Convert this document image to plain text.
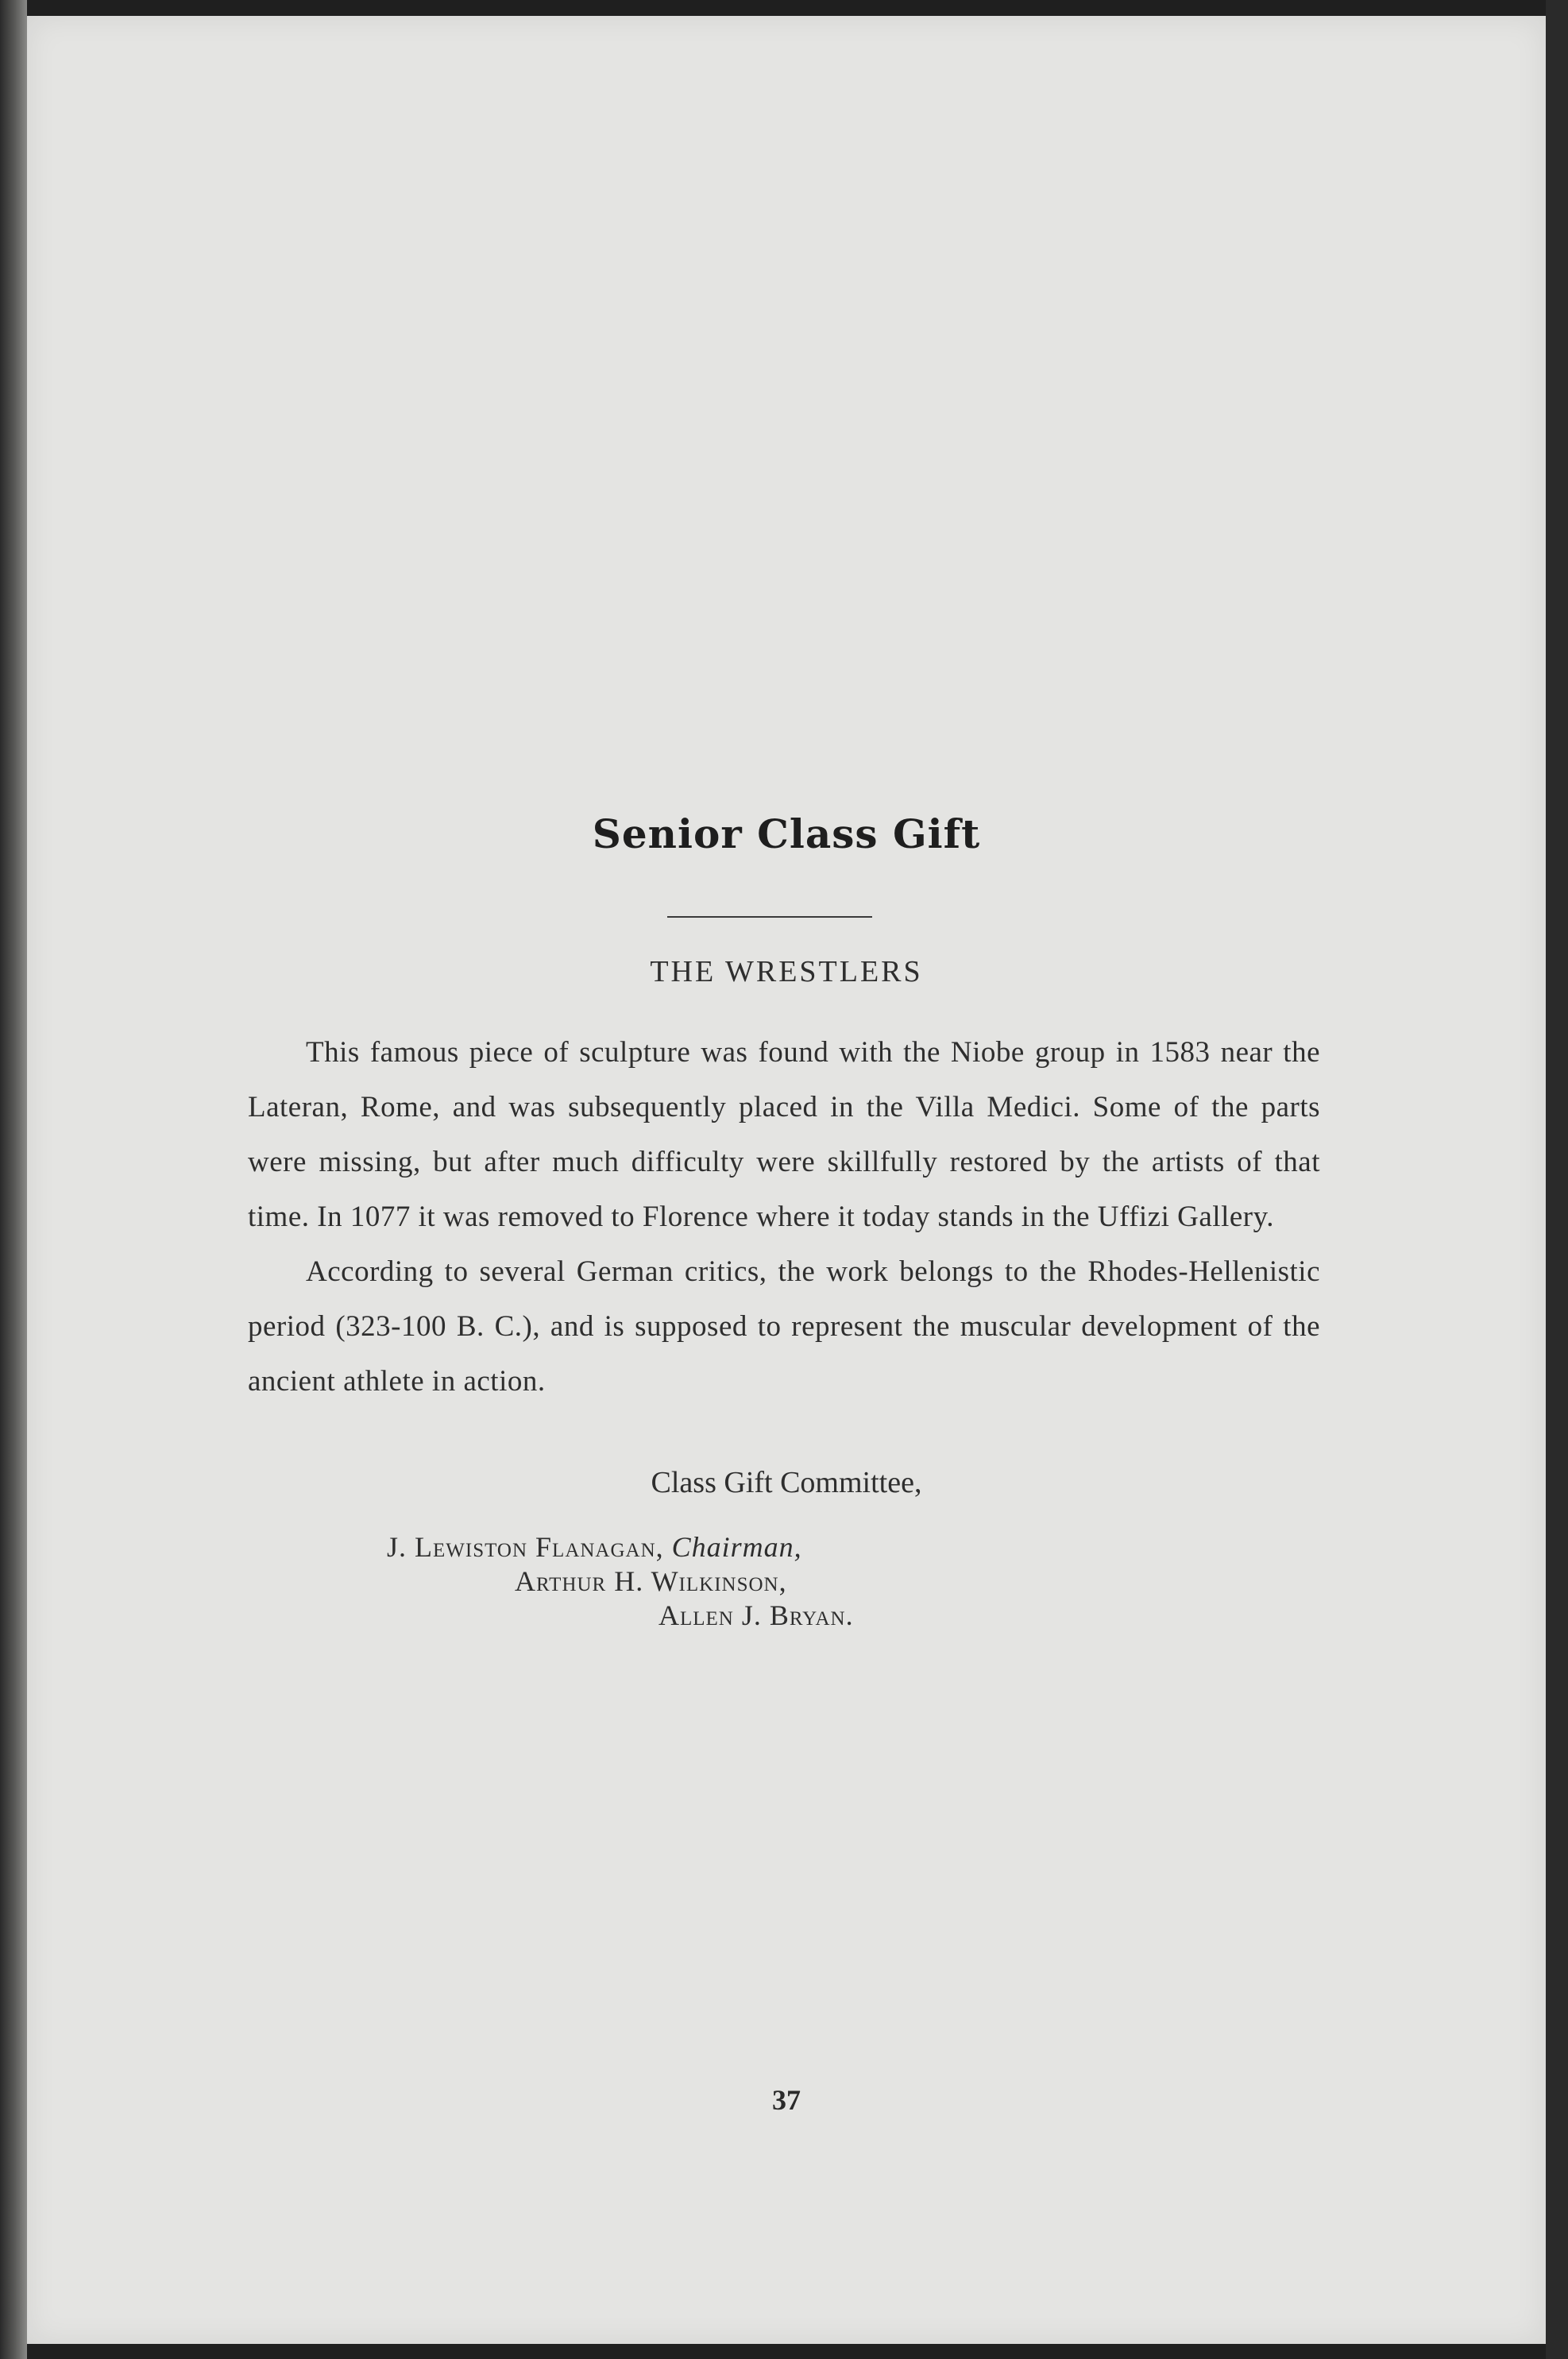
Senior Class Gift
THE WRESTLERS

This famous piece of sculpture was found with the Niobe group in 1583 near the Lateran, Rome, and was subsequently placed in the Villa Medici. Some of the parts were missing, but after much difficulty were skillfully restored by the artists of that time. In 1077 it was removed to Florence where it today stands in the Uffizi Gallery.

According to several German critics, the work belongs to the Rhodes-Hellenistic period (323-100 B. C.), and is supposed to represent the muscular development of the ancient athlete in action.

Class Gift Committee,
J. Lewiston Flanagan, Chairman,
Arthur H. Wilkinson,
Allen J. Bryan.
37
